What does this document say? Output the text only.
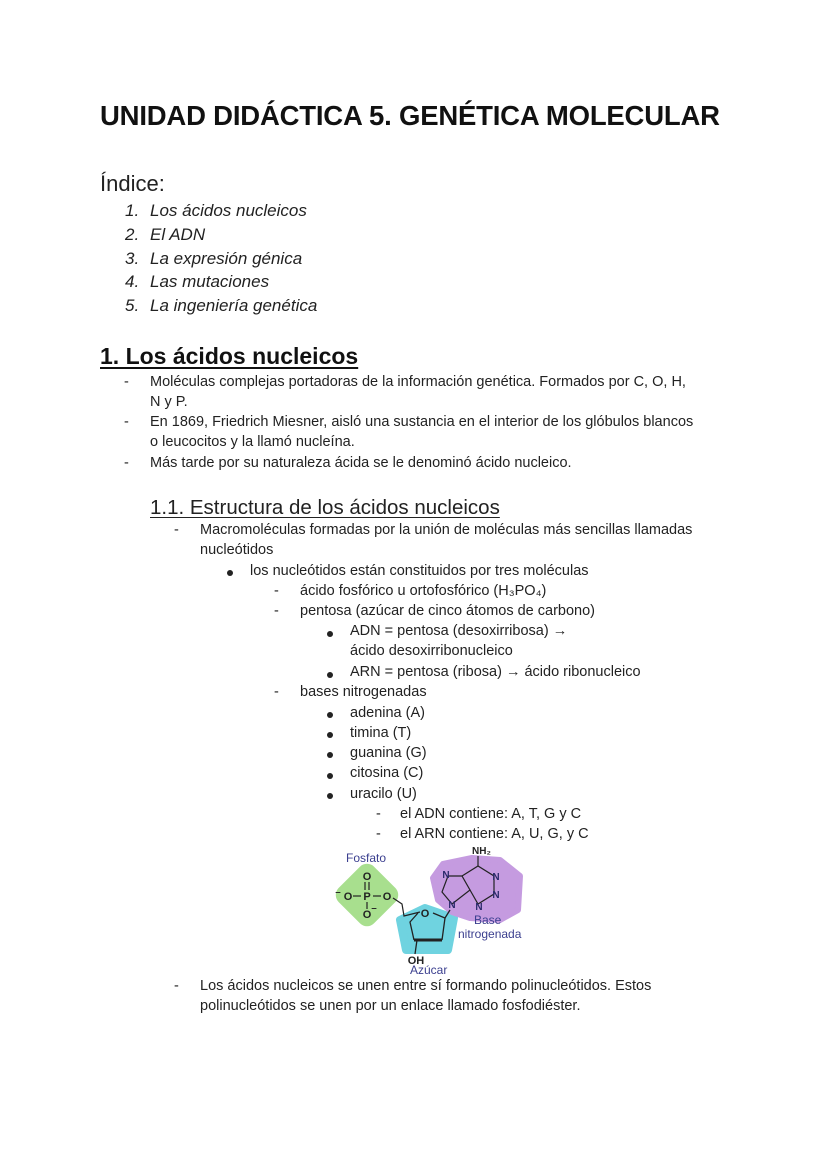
UNIDAD DIDÁCTICA 5. GENÉTICA MOLECULAR
Índice:
1. Los ácidos nucleicos
2. El ADN
3. La expresión génica
4. Las mutaciones
5. La ingeniería genética
1. Los ácidos nucleicos
- Moléculas complejas portadoras de la información genética. Formados por C, O, H,
N y P.
- En 1869, Friedrich Miesner, aisló una sustancia en el interior de los glóbulos blancos
o leucocitos y la llamó nucleína.
- Más tarde por su naturaleza ácida se le denominó ácido nucleico.
1.1. Estructura de los ácidos nucleicos
- Macromoléculas formadas por la unión de moléculas más sencillas llamadas
nucleótidos
los nucleótidos están constituidos por tres moléculas
- ácido fosfórico u ortofosfórico (H₃PO₄)
- pentosa (azúcar de cinco átomos de carbono)
ADN = pentosa (desoxirribosa) →
ácido desoxirribonucleico
ARN = pentosa (ribosa) → ácido ribonucleico
- bases nitrogenadas
adenina (A)
timina (T)
guanina (G)
citosina (C)
uracilo (U)
- el ADN contiene: A, T, G y C
- el ARN contiene: A, U, G, y C
Fosfato
Base
nitrogenada
Azúcar
O
P
O	O
O
⁻
⁻	O
OH
N
N	N
N
N
NH₂
- Los ácidos nucleicos se unen entre sí formando polinucleótidos. Estos
polinucleótidos se unen por un enlace llamado fosfodiéster.
